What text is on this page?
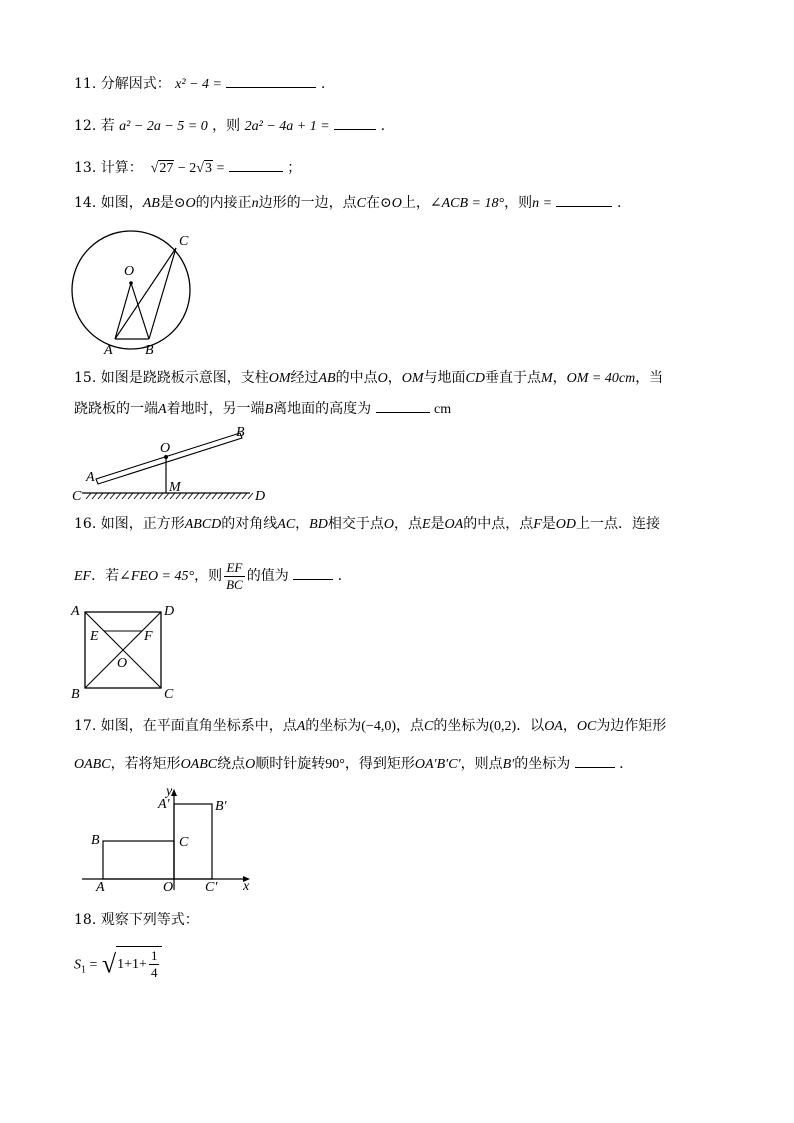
11. 分解因式： x² − 4 =	.
12. 若 a² − 2a − 5 = 0 ，则 2a² − 4a + 1 =	.
13. 计算：  √27 − 2√3 =	；
14. 如图，AB是⊙O的内接正n边形的一边，点C在⊙O上，∠ACB = 18°，则n =	.
O
A B
C
15. 如图是跷跷板示意图，支柱OM经过AB的中点O，OM与地面CD垂直于点M，OM = 40cm，当
跷跷板的一端A着地时，另一端B离地面的高度为	cm
O
A
B
C	D
M
16. 如图，正方形ABCD的对角线AC，BD相交于点O，点E是OA的中点，点F是OD上一点．连接
EF．若∠FEO = 45°，则 $\frac{EF}{BC}$ 的值为	.
A	D
B	C
E	F
O
17. 如图，在平面直角坐标系中，点A的坐标为(−4,0)，点C的坐标为(0,2)．以OA，OC为边作矩形
OABC，若将矩形OABC绕点O顺时针旋转90°，得到矩形OA′B′C′，则点B′的坐标为	.
y
x
A′	B′
B	C
A	O C′
18. 观察下列等式：
$S_1 = √1+1+ \frac{1}{4}$
